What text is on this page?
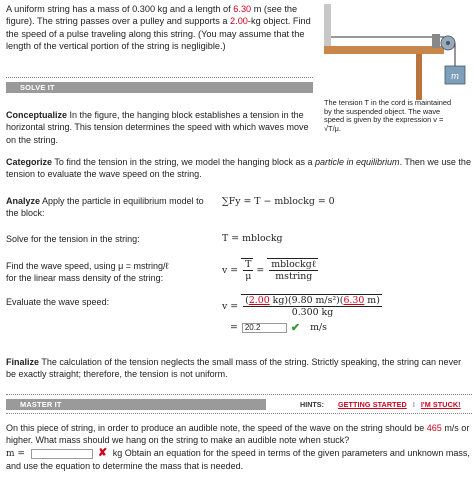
A uniform string has a mass of 0.300 kg and a length of 6.30 m (see the figure). The string passes over a pulley and supports a 2.00-kg object. Find the speed of a pulse traveling along this string. (You may assume that the length of the vertical portion of the string is negligible.)
m
The tension T in the cord is maintained by the suspended object. The wave speed is given by the expression v = √T/μ.
SOLVE IT
Conceptualize In the figure, the hanging block establishes a tension in the horizontal string. This tension determines the speed with which waves move on the string.
Categorize To find the tension in the string, we model the hanging block as a particle in equilibrium. Then we use the tension to evaluate the wave speed on the string.
Analyze Apply the particle in equilibrium model to the block:
∑Fy = T − mblockg = 0
Solve for the tension in the string:	T = mblockg
Find the wave speed, using μ = mstring/ℓ
for the linear mass density of the string:
$v = \frac{T}{\mu} = \frac{\text{mblockgℓ}}{\text{mstring}}$
Evaluate the wave speed:	$v = \frac{\text{(2.00 kg)(9.80 m/s²)(6.30 m)}}{0.300 kg}$
=
20.2	✔ m/s
Finalize The calculation of the tension neglects the small mass of the string. Strictly speaking, the string can never be exactly straight; therefore, the tension is not uniform.
MASTER IT	HINTS: GETTING STARTED I I'M STUCK!
On this piece of string, in order to produce an audible note, the speed of the wave on the string should be 465 m/s or higher. What mass should we hang on the string to make an audible note when stuck?
m =	✘ kg Obtain an equation for the speed in terms of the given parameters and unknown mass, and use the equation to determine the mass that is needed.
